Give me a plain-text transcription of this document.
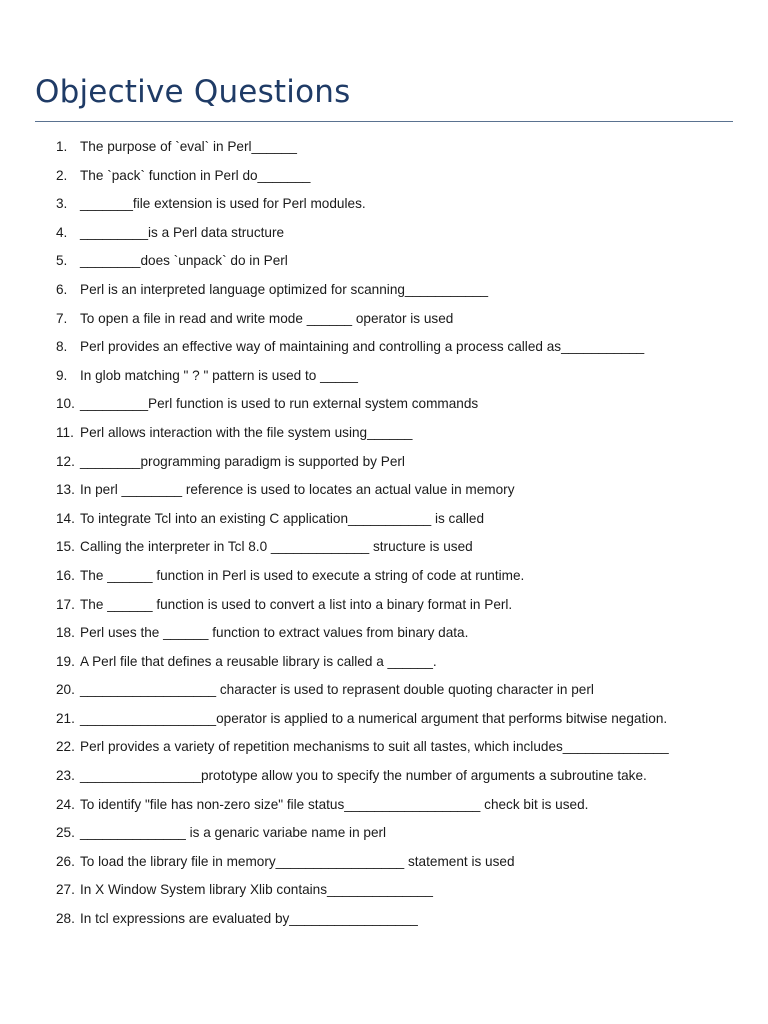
Objective Questions
1. The purpose of `eval` in Perl______
2. The `pack` function in Perl do_______
3. _______file extension is used for Perl modules.
4. _________is a Perl data structure
5. ________does `unpack` do in Perl
6. Perl is an interpreted language optimized for scanning___________
7. To open a file in read and write mode ______ operator is used
8. Perl provides an effective way of maintaining and controlling a process called as___________
9. In glob matching " ? " pattern is used to _____
10. _________Perl function is used to run external system commands
11. Perl allows interaction with the file system using______
12. ________programming paradigm is supported by Perl
13. In perl ________ reference is used to locates an actual value in memory
14. To integrate Tcl into an existing C application___________ is called
15. Calling the interpreter in Tcl 8.0 _____________ structure is used
16. The ______ function in Perl is used to execute a string of code at runtime.
17. The ______ function is used to convert a list into a binary format in Perl.
18. Perl uses the ______ function to extract values from binary data.
19. A Perl file that defines a reusable library is called a ______.
20. __________________ character is used to reprasent double quoting character in perl
21. __________________operator is applied to a numerical argument that performs bitwise negation.
22. Perl provides a variety of repetition mechanisms to suit all tastes, which includes______________
23. ________________prototype allow you to specify the number of arguments a subroutine take.
24. To identify "file has non-zero size" file status__________________ check bit is used.
25. ______________ is a genaric variabe name in perl
26. To load the library file in memory_________________ statement is used
27. In X Window System library Xlib contains______________
28. In tcl expressions are evaluated by_________________
